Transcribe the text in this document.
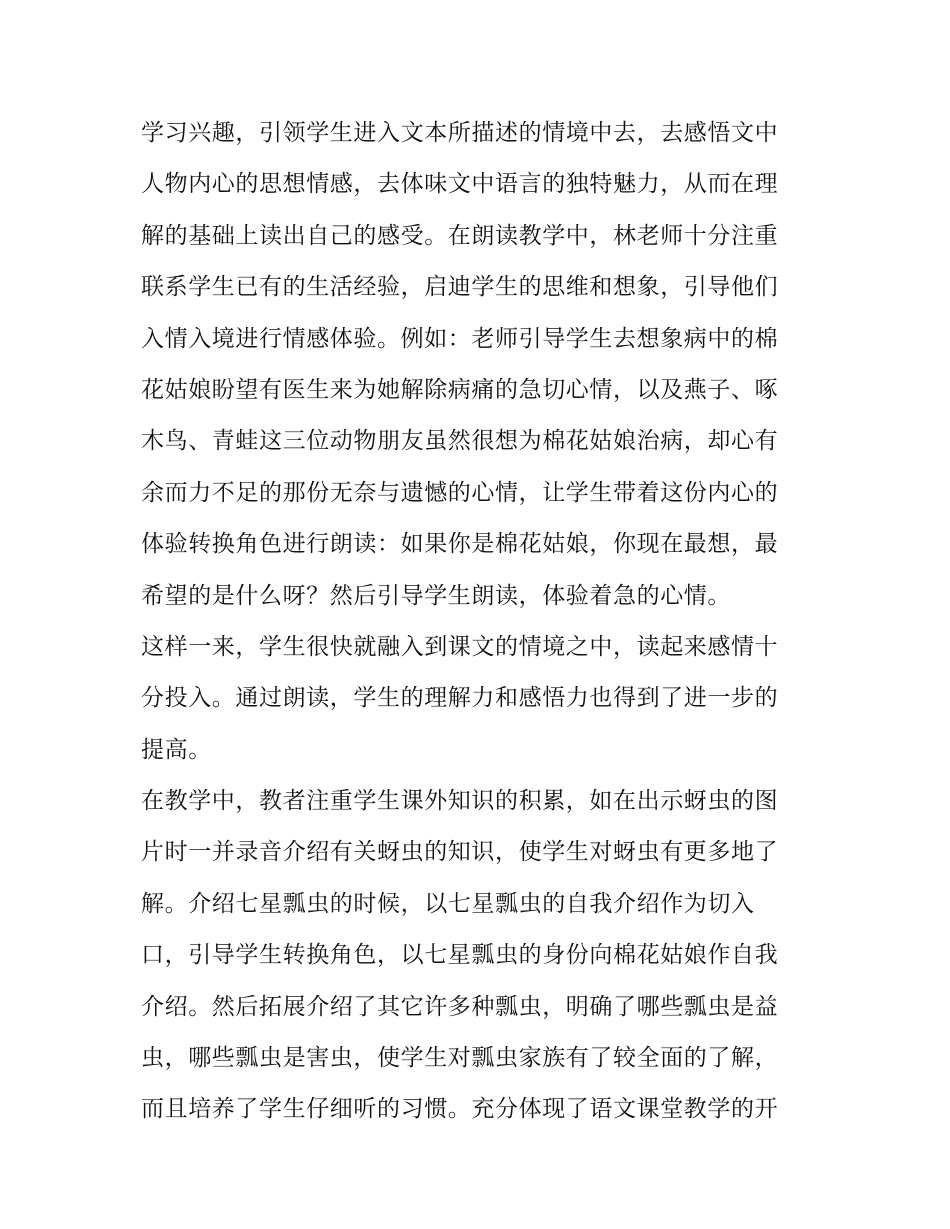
学习兴趣，引领学生进入文本所描述的情境中去，去感悟文中
人物内心的思想情感，去体味文中语言的独特魅力，从而在理
解的基础上读出自己的感受。在朗读教学中，林老师十分注重
联系学生已有的生活经验，启迪学生的思维和想象，引导他们
入情入境进行情感体验。例如：老师引导学生去想象病中的棉
花姑娘盼望有医生来为她解除病痛的急切心情，以及燕子、啄
木鸟、青蛙这三位动物朋友虽然很想为棉花姑娘治病，却心有
余而力不足的那份无奈与遗憾的心情，让学生带着这份内心的
体验转换角色进行朗读：如果你是棉花姑娘，你现在最想，最
希望的是什么呀？然后引导学生朗读，体验着急的心情。
这样一来，学生很快就融入到课文的情境之中，读起来感情十
分投入。通过朗读，学生的理解力和感悟力也得到了进一步的
提高。
在教学中，教者注重学生课外知识的积累，如在出示蚜虫的图
片时一并录音介绍有关蚜虫的知识，使学生对蚜虫有更多地了
解。介绍七星瓢虫的时候，以七星瓢虫的自我介绍作为切入
口，引导学生转换角色，以七星瓢虫的身份向棉花姑娘作自我
介绍。然后拓展介绍了其它许多种瓢虫，明确了哪些瓢虫是益
虫，哪些瓢虫是害虫，使学生对瓢虫家族有了较全面的了解，
而且培养了学生仔细听的习惯。充分体现了语文课堂教学的开
